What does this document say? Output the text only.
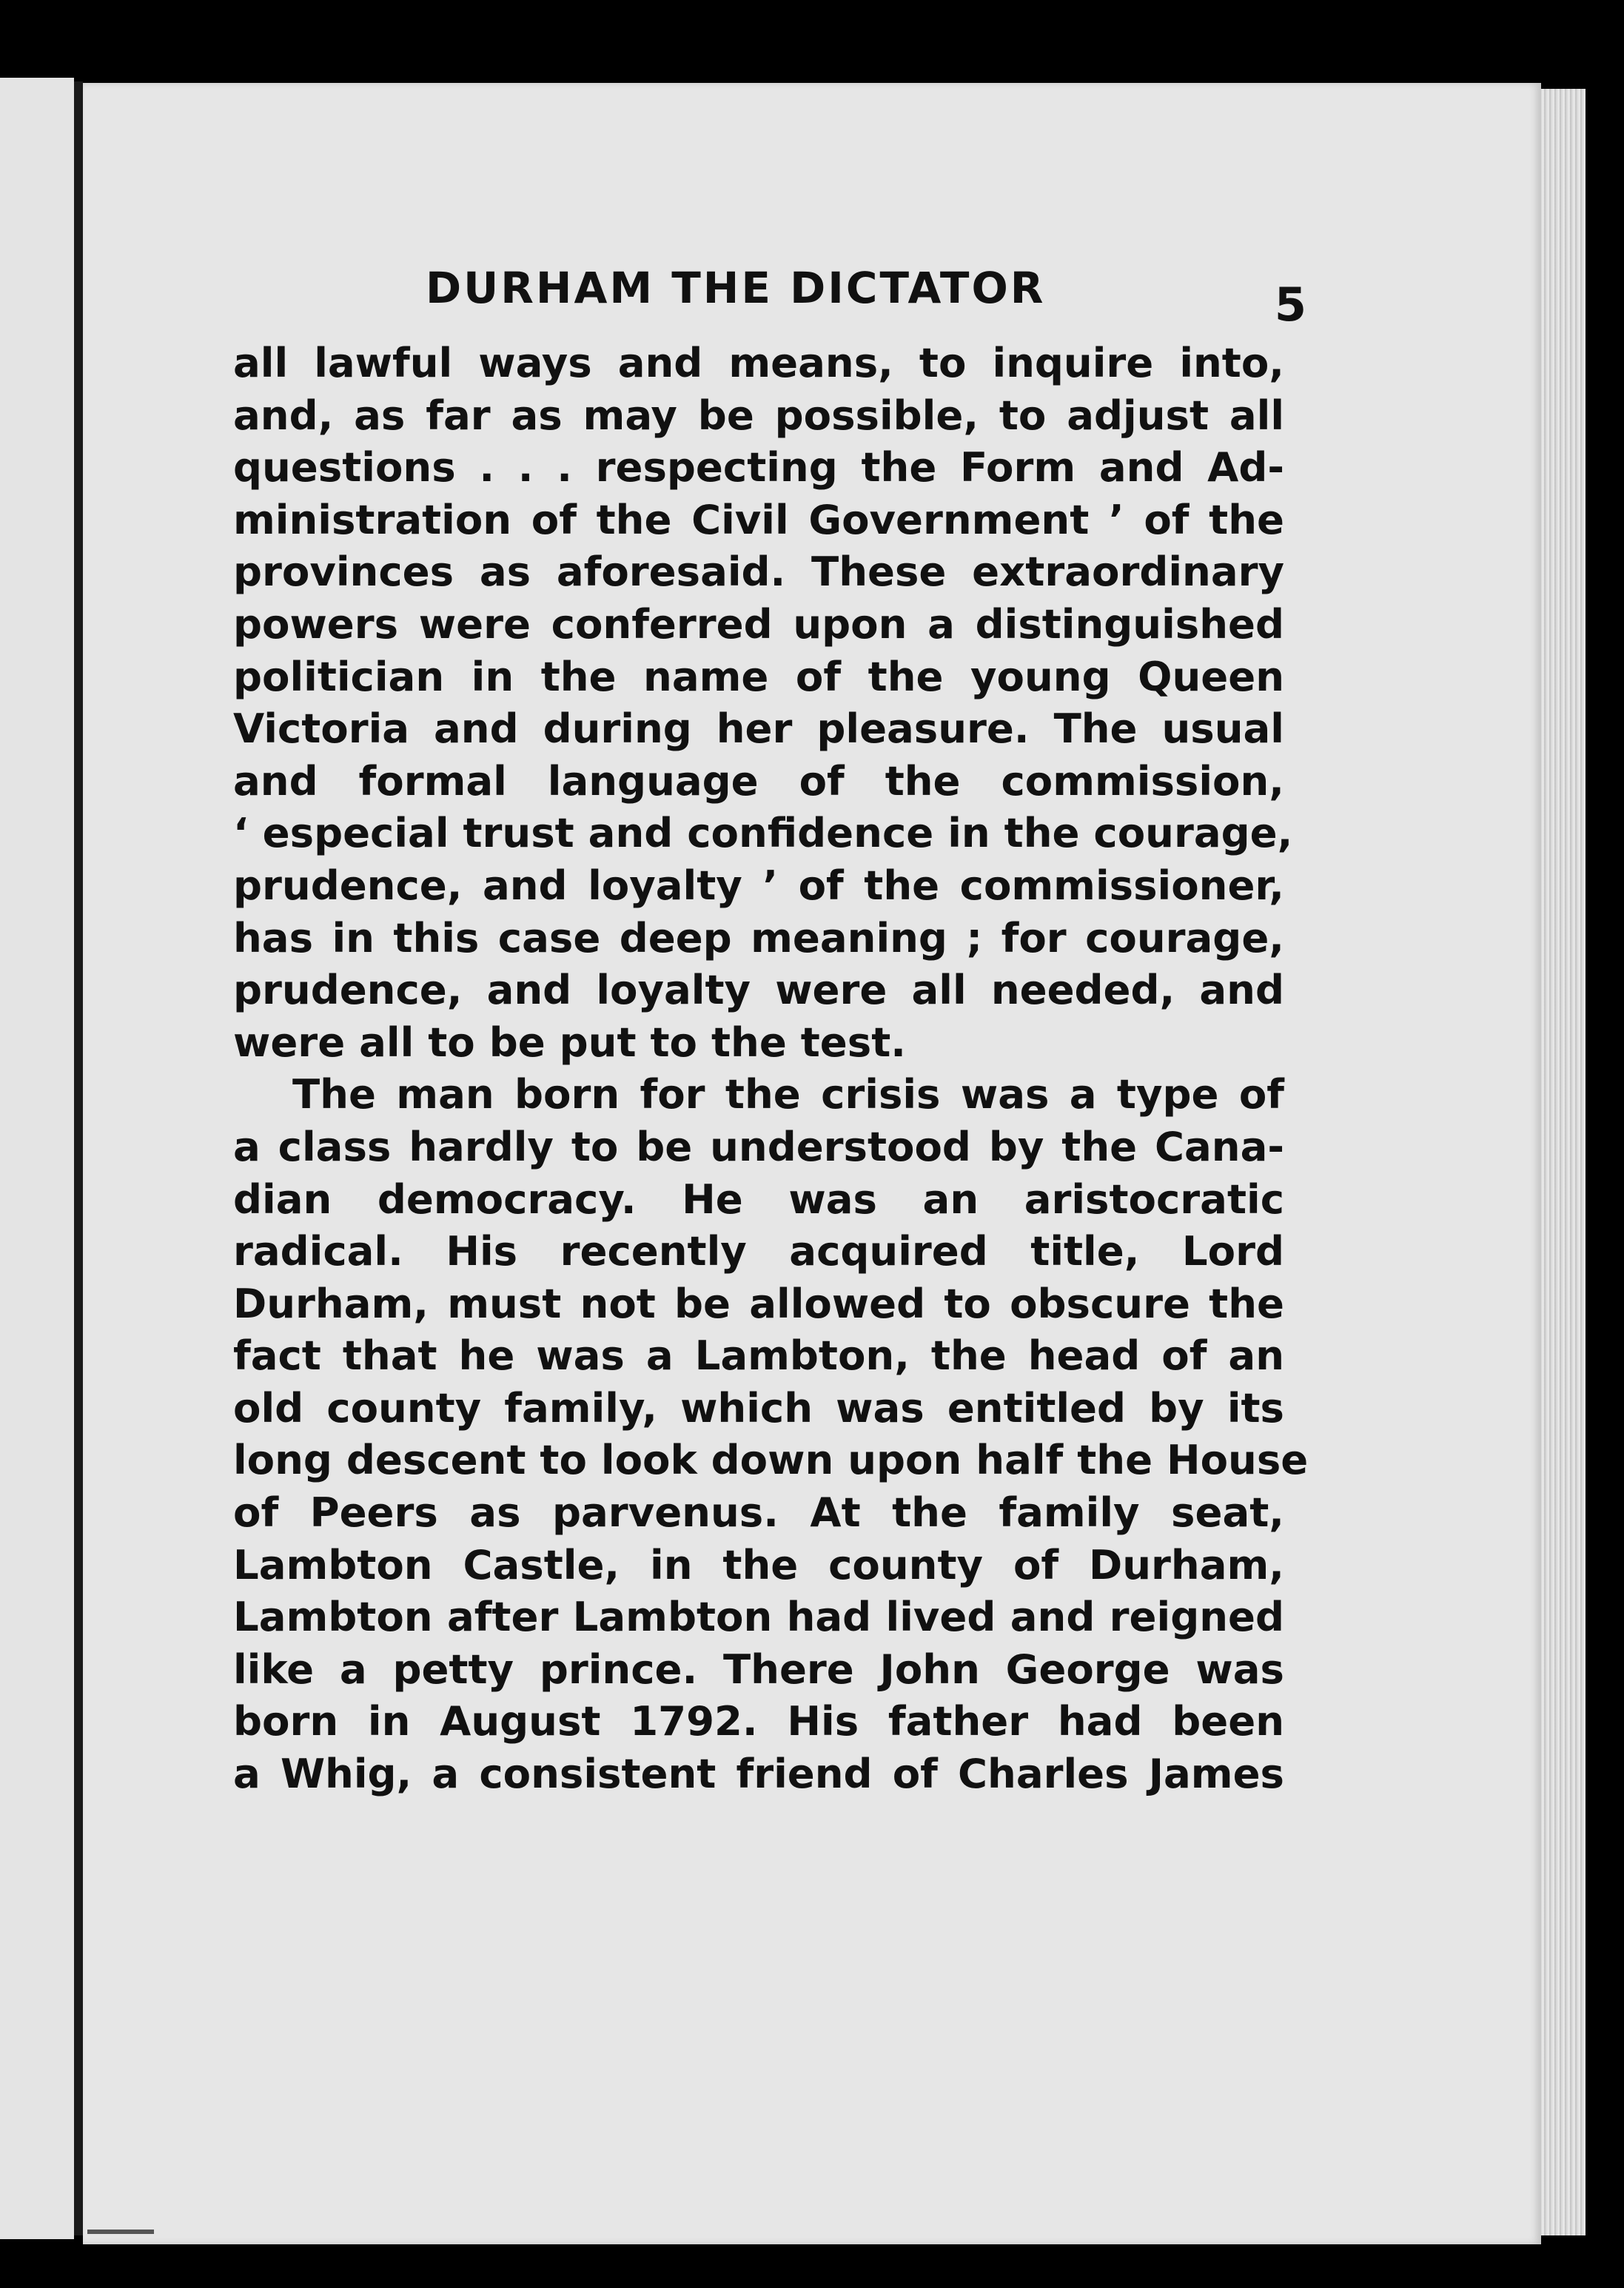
DURHAM THE DICTATOR	5
all lawful ways and means, to inquire into,
and, as far as may be possible, to adjust all
questions . . . respecting the Form and Ad-
ministration of the Civil Government ’ of the
provinces as aforesaid. These extraordinary
powers were conferred upon a distinguished
politician in the name of the young Queen
Victoria and during her pleasure. The usual
and formal language of the commission,
‘ especial trust and confidence in the courage,
prudence, and loyalty ’ of the commissioner,
has in this case deep meaning ; for courage,
prudence, and loyalty were all needed, and
were all to be put to the test.
The man born for the crisis was a type of
a class hardly to be understood by the Cana-
dian democracy. He was an aristocratic
radical. His recently acquired title, Lord
Durham, must not be allowed to obscure the
fact that he was a Lambton, the head of an
old county family, which was entitled by its
long descent to look down upon half the House
of Peers as parvenus. At the family seat,
Lambton Castle, in the county of Durham,
Lambton after Lambton had lived and reigned
like a petty prince. There John George was
born in August 1792. His father had been
a Whig, a consistent friend of Charles James
